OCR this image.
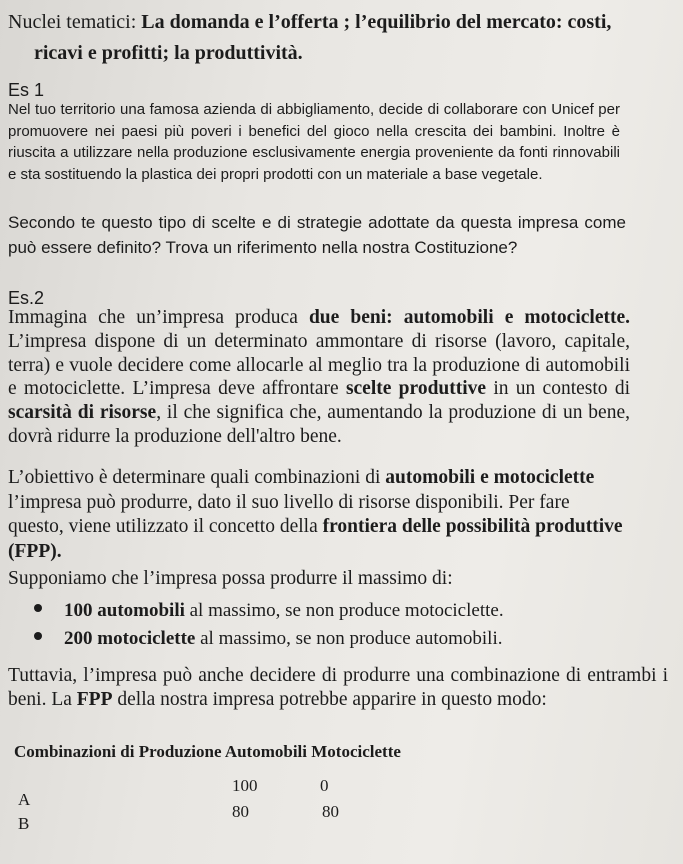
Nuclei tematici: La domanda e l’offerta ; l’equilibrio del mercato: costi,
ricavi e profitti; la produttività.
Es 1

Nel tuo territorio una famosa azienda di abbigliamento, decide di collaborare con Unicef per promuovere nei paesi più poveri i benefici del gioco nella crescita dei bambini. Inoltre è riuscita a utilizzare nella produzione esclusivamente energia proveniente da fonti rinnovabili e sta sostituendo la plastica dei propri prodotti con un materiale a base vegetale.

Secondo te questo tipo di scelte e di strategie adottate da questa impresa come può essere definito? Trova un riferimento nella nostra Costituzione?

Es.2

Immagina che un’impresa produca due beni: automobili e motociclette. L’impresa dispone di un determinato ammontare di risorse (lavoro, capitale, terra) e vuole decidere come allocarle al meglio tra la produzione di automobili e motociclette. L’impresa deve affrontare scelte produttive in un contesto di scarsità di risorse, il che significa che, aumentando la produzione di un bene, dovrà ridurre la produzione dell'altro bene.

L’obiettivo è determinare quali combinazioni di automobili e motociclette l’impresa può produrre, dato il suo livello di risorse disponibili. Per fare questo, viene utilizzato il concetto della frontiera delle possibilità produttive (FPP).

Supponiamo che l’impresa possa produrre il massimo di:

100 automobili al massimo, se non produce motociclette.
200 motociclette al massimo, se non produce automobili.

Tuttavia, l’impresa può anche decidere di produrre una combinazione di entrambi i beni. La FPP della nostra impresa potrebbe apparire in questo modo:

Combinazioni di Produzione Automobili Motociclette
A
100	0
B
80	80
